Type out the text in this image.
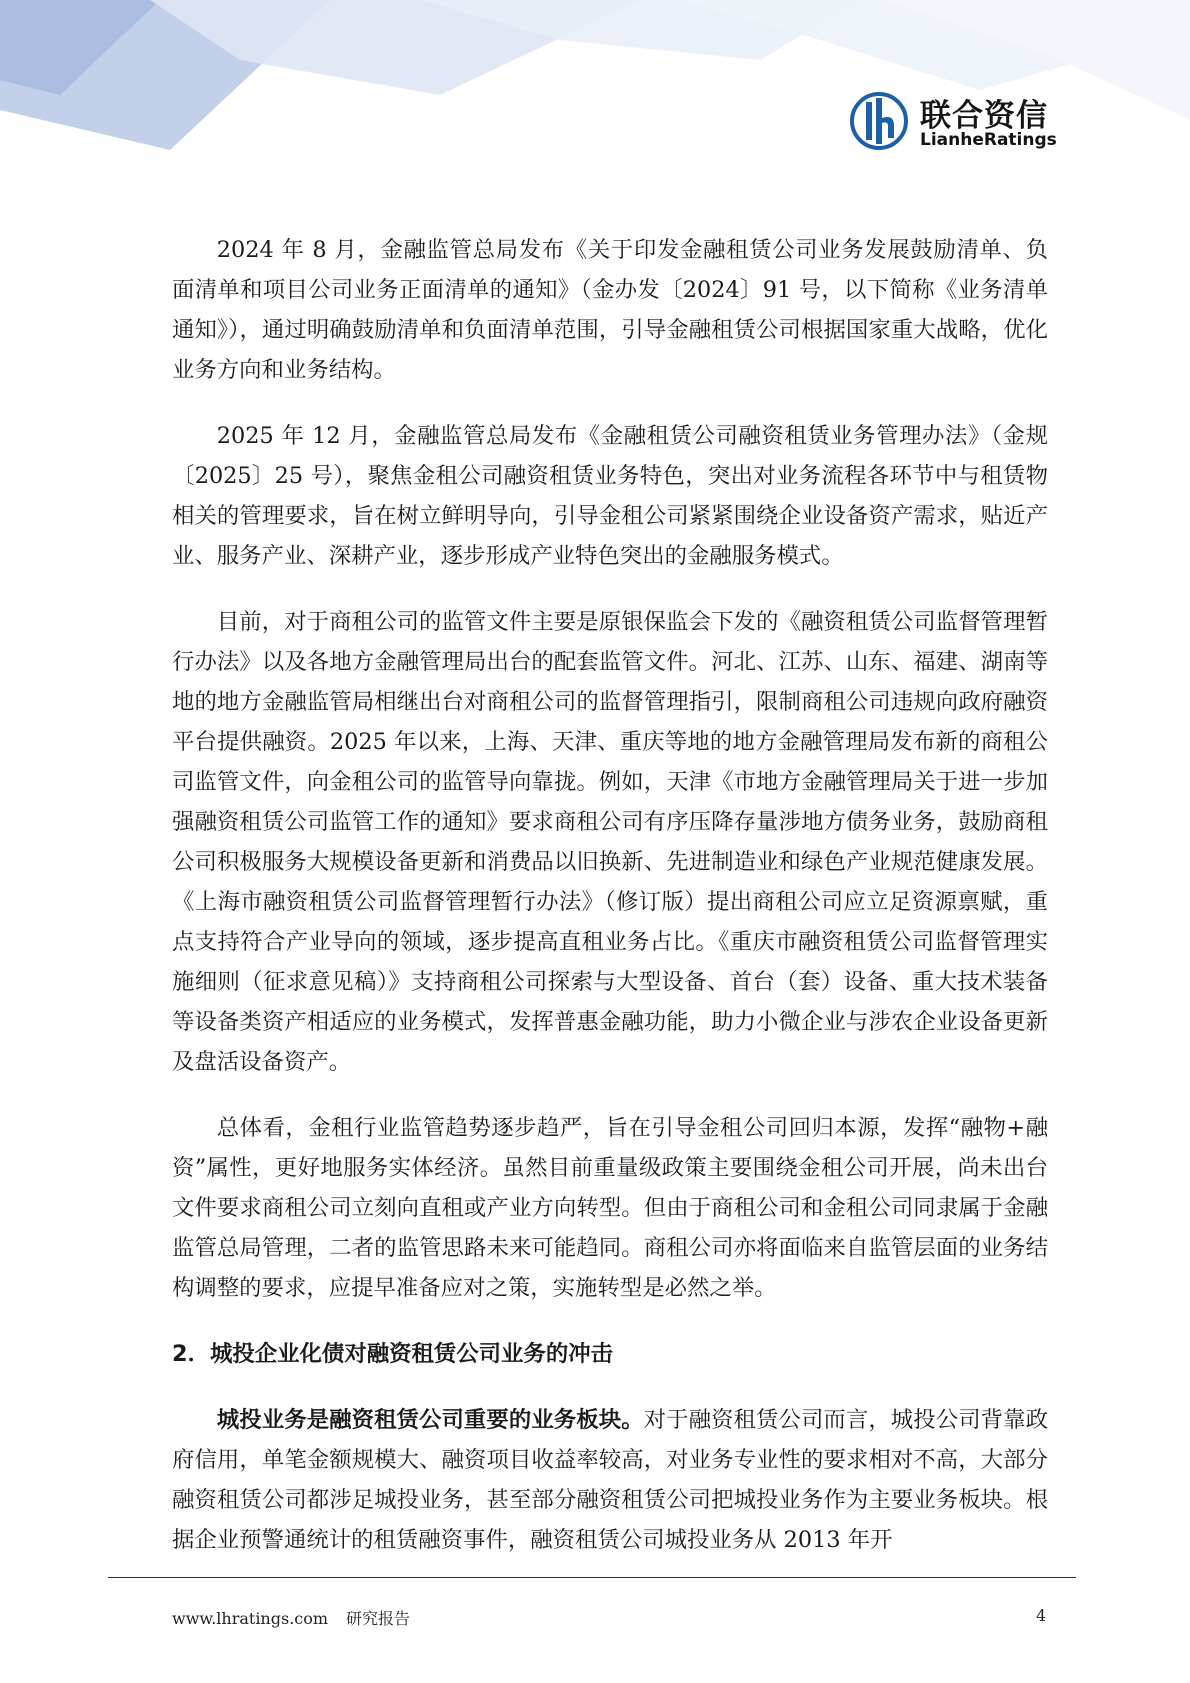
联合资信
LianheRatings

2024 年 8 月，金融监管总局发布《关于印发金融租赁公司业务发展鼓励清单、负面清单和项目公司业务正面清单的通知》（金办发〔2024〕91 号，以下简称《业务清单通知》），通过明确鼓励清单和负面清单范围，引导金融租赁公司根据国家重大战略，优化业务方向和业务结构。

2025 年 12 月，金融监管总局发布《金融租赁公司融资租赁业务管理办法》（金规〔2025〕25 号），聚焦金租公司融资租赁业务特色，突出对业务流程各环节中与租赁物相关的管理要求，旨在树立鲜明导向，引导金租公司紧紧围绕企业设备资产需求，贴近产业、服务产业、深耕产业，逐步形成产业特色突出的金融服务模式。

目前，对于商租公司的监管文件主要是原银保监会下发的《融资租赁公司监督管理暂行办法》以及各地方金融管理局出台的配套监管文件。河北、江苏、山东、福建、湖南等地的地方金融监管局相继出台对商租公司的监督管理指引，限制商租公司违规向政府融资平台提供融资。2025 年以来，上海、天津、重庆等地的地方金融管理局发布新的商租公司监管文件，向金租公司的监管导向靠拢。例如，天津《市地方金融管理局关于进一步加强融资租赁公司监管工作的通知》要求商租公司有序压降存量涉地方债务业务，鼓励商租公司积极服务大规模设备更新和消费品以旧换新、先进制造业和绿色产业规范健康发展。《上海市融资租赁公司监督管理暂行办法》（修订版）提出商租公司应立足资源禀赋，重点支持符合产业导向的领域，逐步提高直租业务占比。《重庆市融资租赁公司监督管理实施细则（征求意见稿）》支持商租公司探索与大型设备、首台（套）设备、重大技术装备等设备类资产相适应的业务模式，发挥普惠金融功能，助力小微企业与涉农企业设备更新及盘活设备资产。

总体看，金租行业监管趋势逐步趋严，旨在引导金租公司回归本源，发挥“融物+融资”属性，更好地服务实体经济。虽然目前重量级政策主要围绕金租公司开展，尚未出台文件要求商租公司立刻向直租或产业方向转型。但由于商租公司和金租公司同隶属于金融监管总局管理，二者的监管思路未来可能趋同。商租公司亦将面临来自监管层面的业务结构调整的要求，应提早准备应对之策，实施转型是必然之举。

2．城投企业化债对融资租赁公司业务的冲击

城投业务是融资租赁公司重要的业务板块。对于融资租赁公司而言，城投公司背靠政府信用，单笔金额规模大、融资项目收益率较高，对业务专业性的要求相对不高，大部分融资租赁公司都涉足城投业务，甚至部分融资租赁公司把城投业务作为主要业务板块。根据企业预警通统计的租赁融资事件，融资租赁公司城投业务从 2013 年开

www.lhratings.com 研究报告	4
